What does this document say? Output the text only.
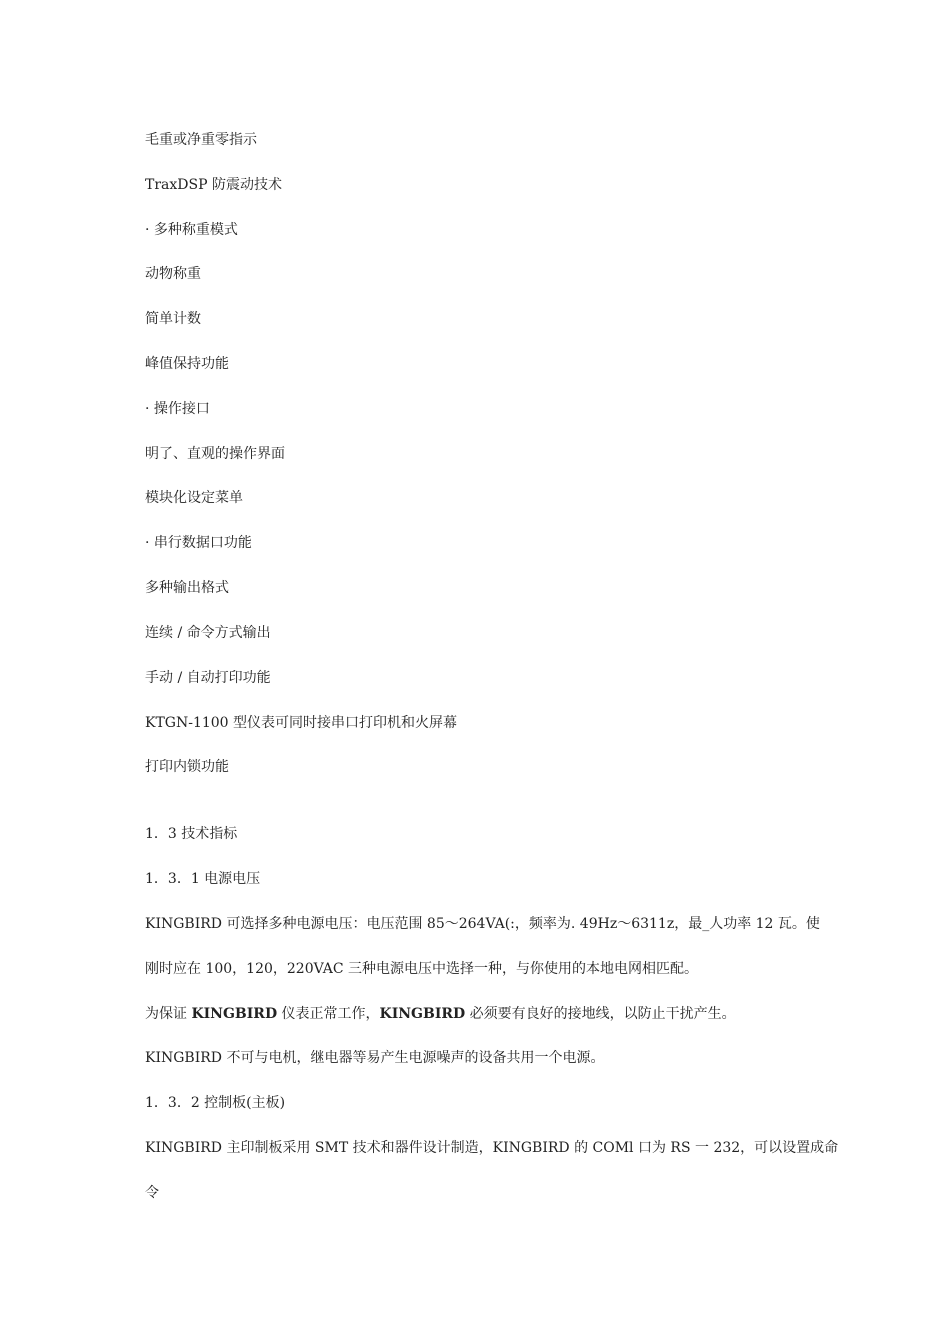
毛重或净重零指示
TraxDSP 防震动技术
· 多种称重模式
动物称重
简单计数
峰值保持功能
· 操作接口
明了、直观的操作界面
模块化设定菜单
· 串行数据口功能
多种输出格式
连续 / 命令方式输出
手动 / 自动打印功能
KTGN-1100 型仪表可同时接串口打印机和火屏幕
打印内锁功能
1．3 技术指标
1．3．1 电源电压
KINGBIRD 可选择多种电源电压：电压范围 85～264VA(:，频率为. 49Hz～6311z，最_人功率 12 瓦。使
刚时应在 100，120，220VAC 三种电源电压中选择一种，与你使用的本地电网相匹配。
为保证 KINGBIRD 仪表正常工作，KINGBIRD 必须要有良好的接地线，以防止干扰产生。
KINGBIRD 不可与电机，继电器等易产生电源噪声的设备共用一个电源。
1．3．2 控制板(主板)
KINGBIRD 主印制板采用 SMT 技术和器件设计制造，KINGBIRD 的 COMl 口为 RS 一 232，可以设置成命
令
